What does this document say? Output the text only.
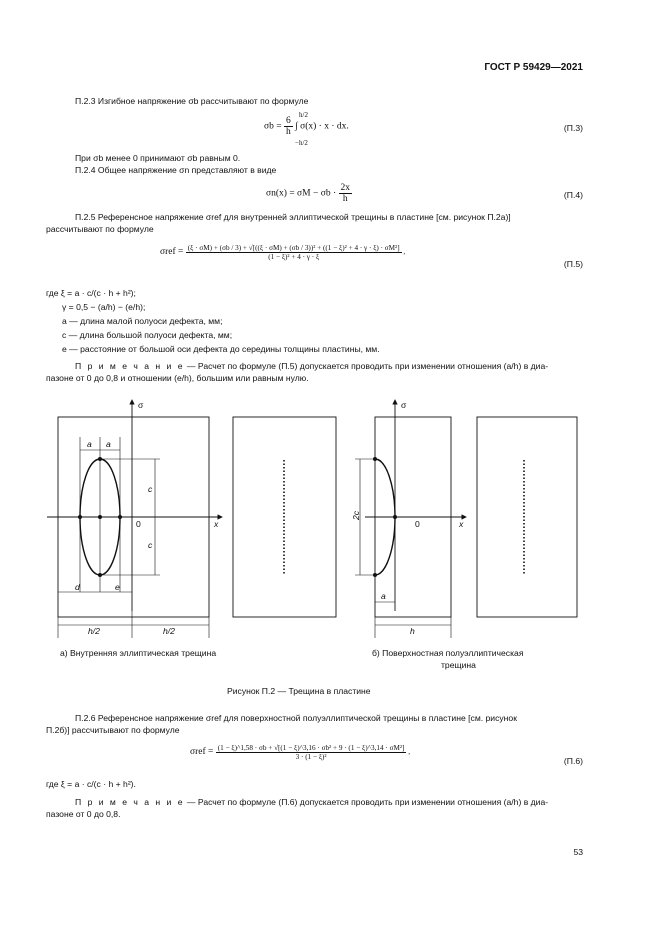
ГОСТ Р 59429—2021
П.2.3 Изгибное напряжение σb рассчитывают по формуле
$\sigma b = \frac{6}{h}$ ∫ σ(x) · x · dx.
h/2
−h/2
(П.3)
При σb менее 0 принимают σb равным 0.
П.2.4 Общее напряжение σn представляют в виде
$\sigma n(x) = \sigma M - \sigma b \cdot \frac{2x}{h}$	(П.4)
П.2.5 Референсное напряжение σref для внутренней эллиптической трещины в пластине [см. рисунок П.2а)]
рассчитывают по формуле
σref = (ξ · σM) + (σb / 3) + √[((ξ · σM) + (σb / 3))² + ((1 − ξ)² + 4 · γ · ξ) · σM²]
(1 − ξ)² + 4 · γ · ξ
,
(П.5)
где ξ = a · c/(c · h + h²);
γ = 0,5 − (a/h) − (e/h);
a — длина малой полуоси дефекта, мм;
c — длина большой полуоси дефекта, мм;
e — расстояние от большой оси дефекта до середины толщины пластины, мм.
П р и м е ч а н и е — Расчет по формуле (П.5) допускается проводить при изменении отношения (a/h) в диа-
пазоне от 0 до 0,8 и отношении (e/h), большим или равным нулю.
σ
x
0
a a
c
c
d	e
h/2	h/2
σ
x
0
2c
a
h
а) Внутренняя эллиптическая трещина	б) Поверхностная полуэллиптическая
трещина
Рисунок П.2 — Трещина в пластине
П.2.6 Референсное напряжение σref для поверхностной полуэллиптической трещины в пластине [см. рисунок
П.2б)] рассчитывают по формуле
σref = (1 − ξ)^1,58 · σb + √[(1 − ξ)^3,16 · σb² + 9 · (1 − ξ)^3,14 · σM²]
3 · (1 − ξ)²
,
(П.6)
где ξ = a · c/(c · h + h²).
П р и м е ч а н и е — Расчет по формуле (П.6) допускается проводить при изменении отношения (a/h) в диа-
пазоне от 0 до 0,8.
53
